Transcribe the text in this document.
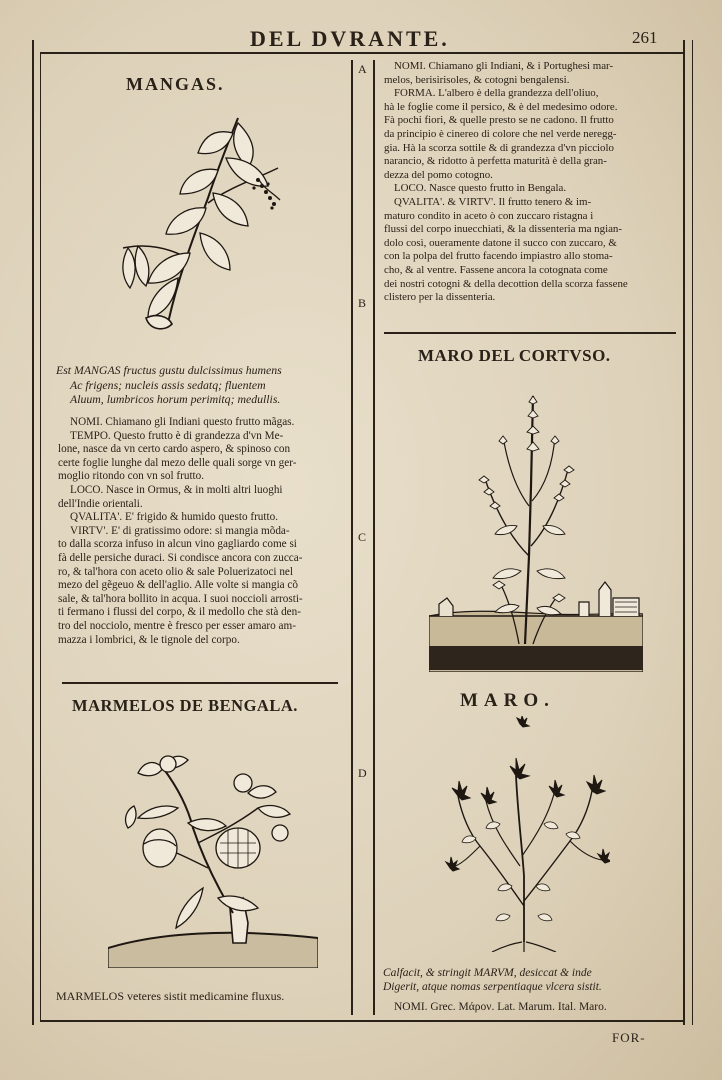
DEL DVRANTE.	261
A
B
C
D
MANGAS.
Est MANGAS fructus gustu dulcissimus humens
Ac frigens; nucleis assis sedatq; fluentem
Aluum, lumbricos horum perimitq; medullis.
NOMI. Chiamano gli Indiani questo frutto mãgas.
TEMPO. Questo frutto è di grandezza d'vn Me-
lone, nasce da vn certo cardo aspero, & spinoso con
certe foglie lunghe dal mezo delle quali sorge vn ger-
moglio ritondo con vn sol frutto.
LOCO. Nasce in Ormus, & in molti altri luoghi
dell'Indie orientali.
QVALITA'. E' frigido & humido questo frutto.
VIRTV'. E' di gratissimo odore: si mangia mõda-
to dalla scorza infuso in alcun vino gagliardo come si
fà delle persiche duraci. Si condisce ancora con zucca-
ro, & tal'hora con aceto olio & sale Poluerizatoci nel
mezo del gẽgeuo & dell'aglio. Alle volte si mangia cõ
sale, & tal'hora bollito in acqua. I suoi noccioli arrosti-
ti fermano i flussi del corpo, & il medollo che stà den-
tro del nocciolo, mentre è fresco per esser amaro am-
mazza i lombrici, & le tignole del corpo.
MARMELOS DE BENGALA.
MARMELOS veteres sistit medicamine fluxus.
NOMI. Chiamano gli Indiani, & i Portughesi mar-
melos, berisirisoles, & cotogni bengalensi.
FORMA. L'albero è della grandezza dell'oliuo,
hà le foglie come il persico, & è del medesimo odore.
Fà pochi fiori, & quelle presto se ne cadono. Il frutto
da principio è cinereo di colore che nel verde neregg-
gia. Hà la scorza sottile & di grandezza d'vn picciolo
narancio, & ridotto à perfetta maturità è della gran-
dezza del pomo cotogno.
LOCO. Nasce questo frutto in Bengala.
QVALITA'. & VIRTV'. Il frutto tenero & im-
maturo condito in aceto ò con zuccaro ristagna i
flussi del corpo inuecchiati, & la dissenteria ma ngian-
dolo così, oueramente datone il succo con zuccaro, &
con la polpa del frutto facendo impiastro allo stoma-
cho, & al ventre. Fassene ancora la cotognata come
dei nostri cotogni & della decottion della scorza fassene
clistero per la dissenteria.
MARO DEL CORTVSO.
MARO.
Calfacit, & stringit MARVM, desiccat & inde
Digerit, atque nomas serpentiaque vlcera sistit.
NOMI. Grec. Μάρον. Lat. Marum. Ital. Maro.
FOR-
